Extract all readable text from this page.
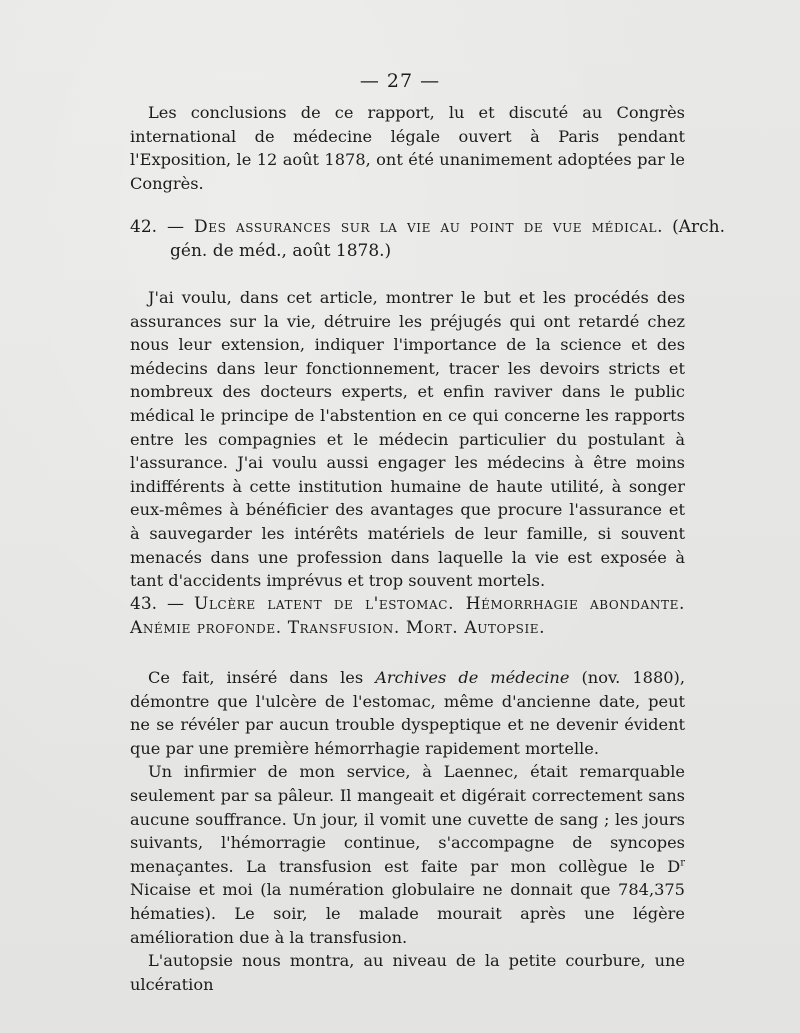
— 27 —

Les conclusions de ce rapport, lu et discuté au Congrès international de médecine légale ouvert à Paris pendant l'Exposition, le 12 août 1878, ont été unanimement adoptées par le Congrès.

42. — Des assurances sur la vie au point de vue médical. (Arch. gén. de méd., août 1878.)

J'ai voulu, dans cet article, montrer le but et les procédés des assurances sur la vie, détruire les préjugés qui ont retardé chez nous leur extension, indiquer l'importance de la science et des médecins dans leur fonctionnement, tracer les devoirs stricts et nombreux des docteurs experts, et enfin raviver dans le public médical le principe de l'abstention en ce qui concerne les rapports entre les compagnies et le médecin particulier du postulant à l'assurance. J'ai voulu aussi engager les médecins à être moins indifférents à cette institution humaine de haute utilité, à songer eux-mêmes à bénéficier des avantages que procure l'assurance et à sauvegarder les intérêts matériels de leur famille, si souvent menacés dans une profession dans laquelle la vie est exposée à tant d'accidents imprévus et trop souvent mortels.

43. — Ulcère latent de l'estomac. Hémorrhagie abondante. Anémie profonde. Transfusion. Mort. Autopsie.

Ce fait, inséré dans les Archives de médecine (nov. 1880), démontre que l'ulcère de l'estomac, même d'ancienne date, peut ne se révéler par aucun trouble dyspeptique et ne devenir évident que par une première hémorrhagie rapidement mortelle.

Un infirmier de mon service, à Laennec, était remarquable seulement par sa pâleur. Il mangeait et digérait correctement sans aucune souffrance. Un jour, il vomit une cuvette de sang ; les jours suivants, l'hémorragie continue, s'accompagne de syncopes menaçantes. La transfusion est faite par mon collègue le $D^r$ Nicaise et moi (la numération globulaire ne donnait que 784,375 hématies). Le soir, le malade mourait après une légère amélioration due à la transfusion.

L'autopsie nous montra, au niveau de la petite courbure, une ulcération
